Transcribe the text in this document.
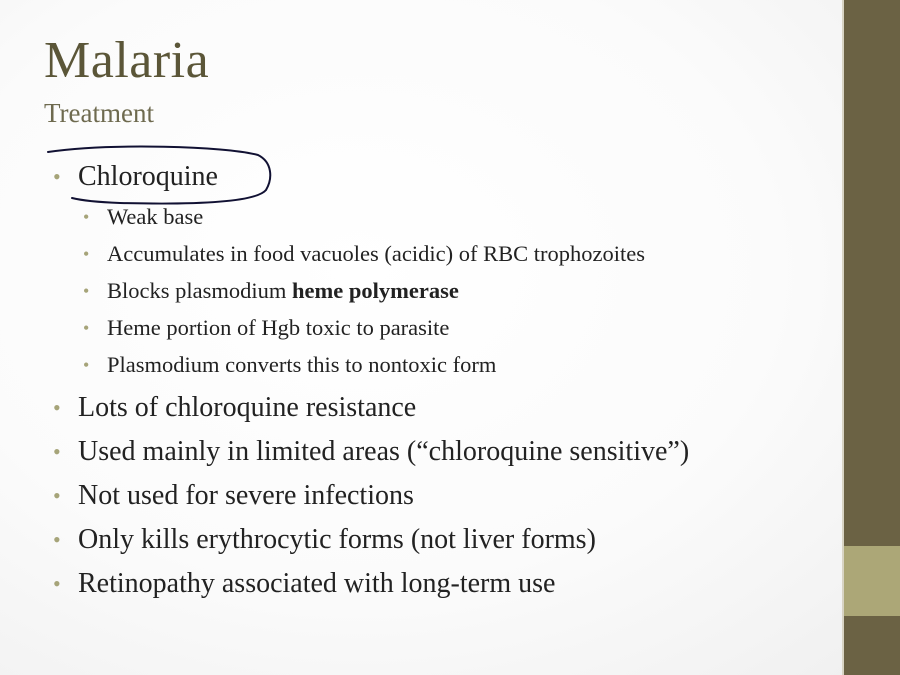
Malaria
Treatment
• Chloroquine
• Weak base
• Accumulates in food vacuoles (acidic) of RBC trophozoites
• Blocks plasmodium heme polymerase
• Heme portion of Hgb toxic to parasite
• Plasmodium converts this to nontoxic form
• Lots of chloroquine resistance
• Used mainly in limited areas (“chloroquine sensitive”)
• Not used for severe infections
• Only kills erythrocytic forms (not liver forms)
• Retinopathy associated with long-term use
